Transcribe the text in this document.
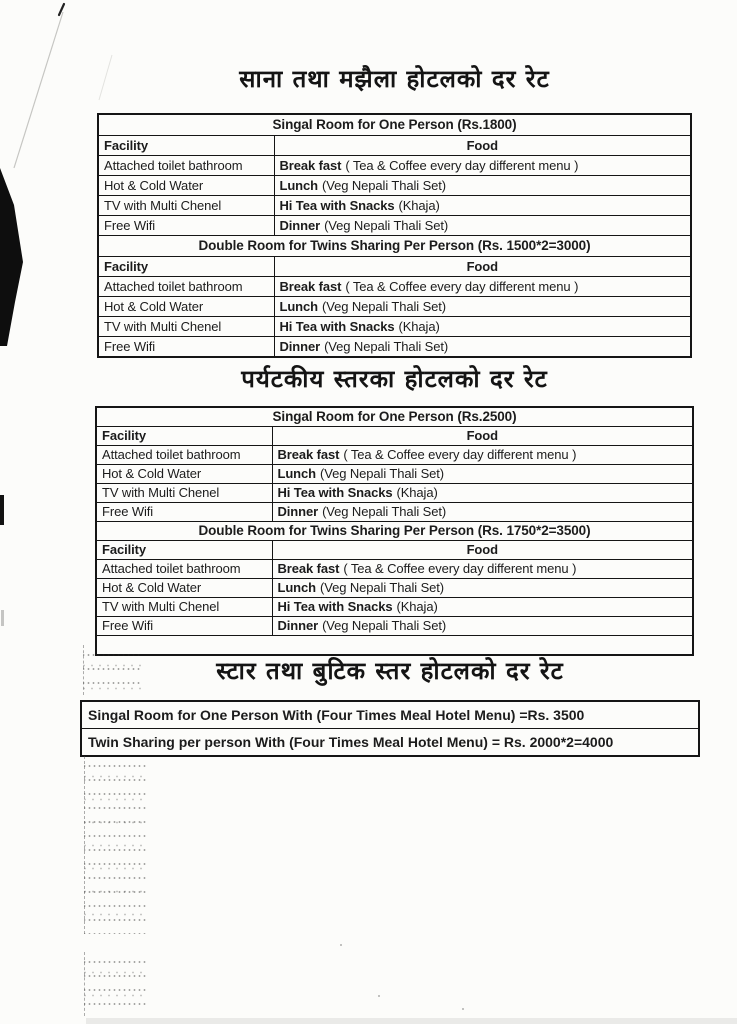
साना तथा मझैला होटलको दर रेट
Singal Room for One Person (Rs.1800)	
Facility	Food
Attached toilet bathroom	Break fast ( Tea & Coffee every day different menu )
Hot & Cold Water	Lunch (Veg Nepali Thali Set)
TV with Multi Chenel	Hi Tea with Snacks (Khaja)
Free Wifi	Dinner (Veg Nepali Thali Set)
Double Room for Twins Sharing Per Person (Rs. 1500*2=3000)	
Facility	Food
Attached toilet bathroom	Break fast ( Tea & Coffee every day different menu )
Hot & Cold Water	Lunch (Veg Nepali Thali Set)
TV with Multi Chenel	Hi Tea with Snacks (Khaja)
Free Wifi	Dinner (Veg Nepali Thali Set)
पर्यटकीय स्तरका होटलको दर रेट
Singal Room for One Person (Rs.2500)	
Facility	Food
Attached toilet bathroom	Break fast ( Tea & Coffee every day different menu )
Hot & Cold Water	Lunch (Veg Nepali Thali Set)
TV with Multi Chenel	Hi Tea with Snacks (Khaja)
Free Wifi	Dinner (Veg Nepali Thali Set)
Double Room for Twins Sharing Per Person (Rs. 1750*2=3500)	
Facility	Food
Attached toilet bathroom	Break fast ( Tea & Coffee every day different menu )
Hot & Cold Water	Lunch (Veg Nepali Thali Set)
TV with Multi Chenel	Hi Tea with Snacks (Khaja)
Free Wifi	Dinner (Veg Nepali Thali Set)

स्टार तथा बुटिक स्तर होटलको दर रेट
Singal Room for One Person With (Four Times Meal Hotel Menu) =Rs. 3500
Twin Sharing per person With (Four Times Meal Hotel Menu) = Rs. 2000*2=4000
